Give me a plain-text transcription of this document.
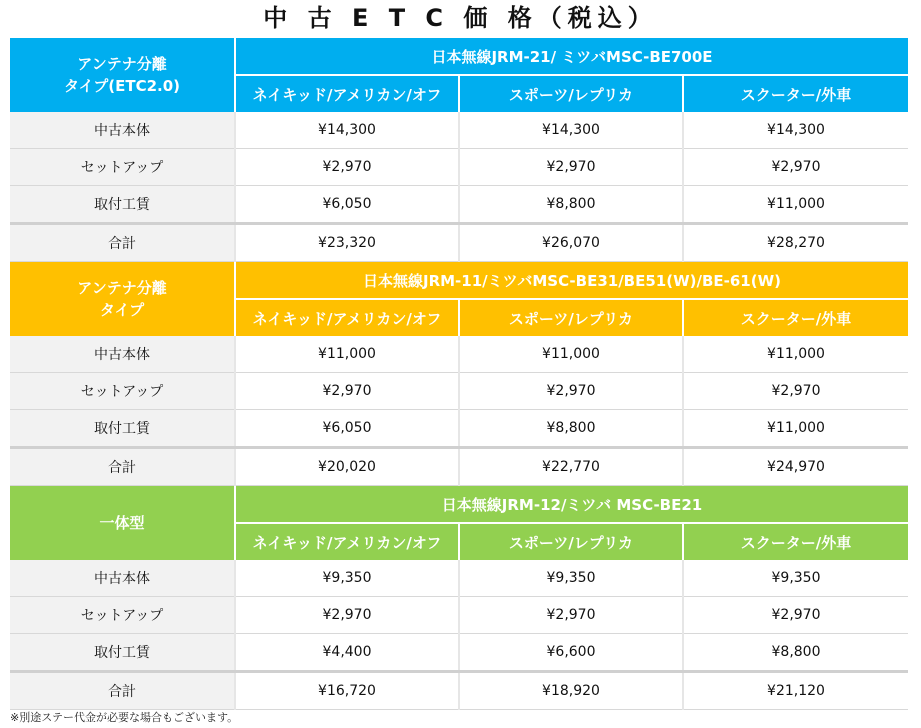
中 古 E T C 価 格（税込）
アンテナ分離
タイプ(ETC2.0)	日本無線JRM-21/ ミツバMSC-BE700E		
	ネイキッド/アメリカン/オフ	スポーツ/レプリカ	スクーター/外車
中古本体	¥14,300	¥14,300	¥14,300
セットアップ	¥2,970	¥2,970	¥2,970
取付工賃	¥6,050	¥8,800	¥11,000
合計	¥23,320	¥26,070	¥28,270
アンテナ分離
タイプ	日本無線JRM-11/ミツバMSC-BE31/BE51(W)/BE-61(W)		
	ネイキッド/アメリカン/オフ	スポーツ/レプリカ	スクーター/外車
中古本体	¥11,000	¥11,000	¥11,000
セットアップ	¥2,970	¥2,970	¥2,970
取付工賃	¥6,050	¥8,800	¥11,000
合計	¥20,020	¥22,770	¥24,970
一体型	日本無線JRM-12/ミツバ MSC-BE21		
	ネイキッド/アメリカン/オフ	スポーツ/レプリカ	スクーター/外車
中古本体	¥9,350	¥9,350	¥9,350
セットアップ	¥2,970	¥2,970	¥2,970
取付工賃	¥4,400	¥6,600	¥8,800
合計	¥16,720	¥18,920	¥21,120
※別途ステー代金が必要な場合もございます。
